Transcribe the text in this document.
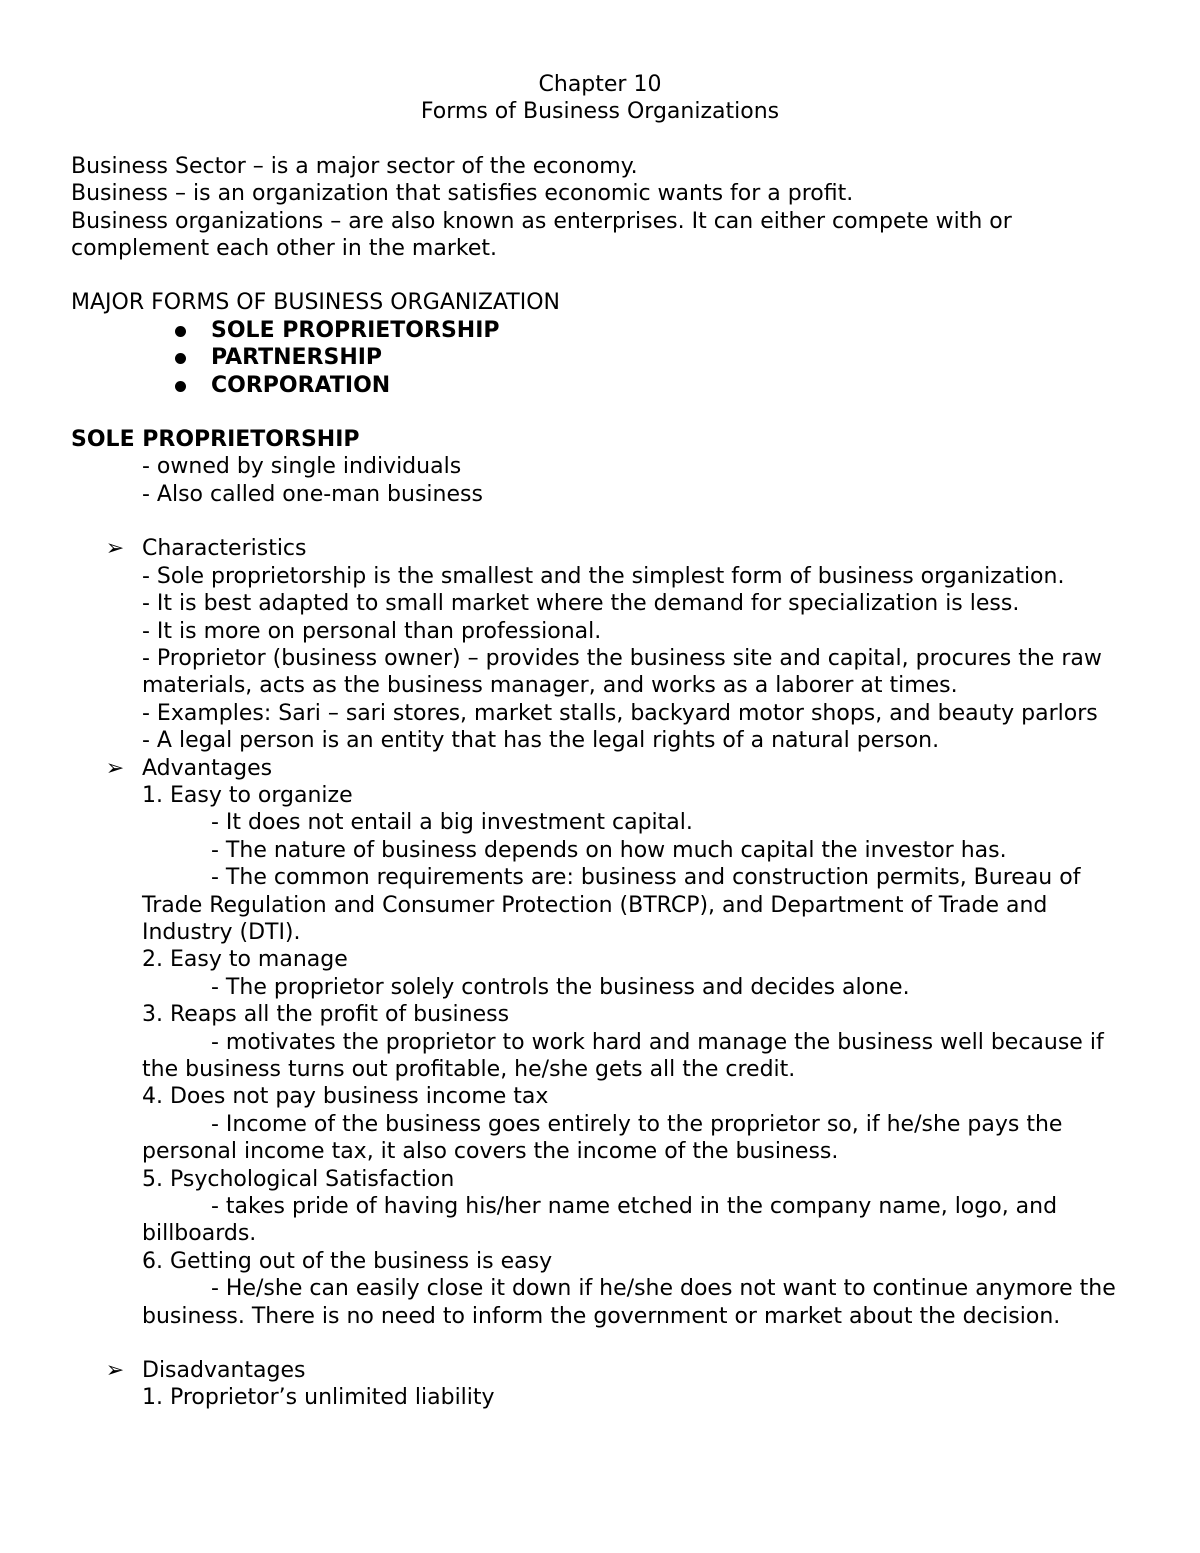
Chapter 10

Forms of Business Organizations

Business Sector – is a major sector of the economy.

Business – is an organization that satisfies economic wants for a profit.

Business organizations – are also known as enterprises. It can either compete with or complement each other in the market.

MAJOR FORMS OF BUSINESS ORGANIZATION

SOLE PROPRIETORSHIP
PARTNERSHIP
CORPORATION

SOLE PROPRIETORSHIP

- owned by single individuals

- Also called one-man business

➢ Characteristics

- Sole proprietorship is the smallest and the simplest form of business organization.

- It is best adapted to small market where the demand for specialization is less.

- It is more on personal than professional.

- Proprietor (business owner) – provides the business site and capital, procures the raw materials, acts as the business manager, and works as a laborer at times.

- Examples: Sari – sari stores, market stalls, backyard motor shops, and beauty parlors

- A legal person is an entity that has the legal rights of a natural person.

➢ Advantages

1. Easy to organize

- It does not entail a big investment capital.

- The nature of business depends on how much capital the investor has.

- The common requirements are: business and construction permits, Bureau of Trade Regulation and Consumer Protection (BTRCP), and Department of Trade and Industry (DTI).

2. Easy to manage

- The proprietor solely controls the business and decides alone.

3. Reaps all the profit of business

- motivates the proprietor to work hard and manage the business well because if the business turns out profitable, he/she gets all the credit.

4. Does not pay business income tax

- Income of the business goes entirely to the proprietor so, if he/she pays the personal income tax, it also covers the income of the business.

5. Psychological Satisfaction

- takes pride of having his/her name etched in the company name, logo, and billboards.

6. Getting out of the business is easy

- He/she can easily close it down if he/she does not want to continue anymore the business. There is no need to inform the government or market about the decision.

➢ Disadvantages

1. Proprietor’s unlimited liability
